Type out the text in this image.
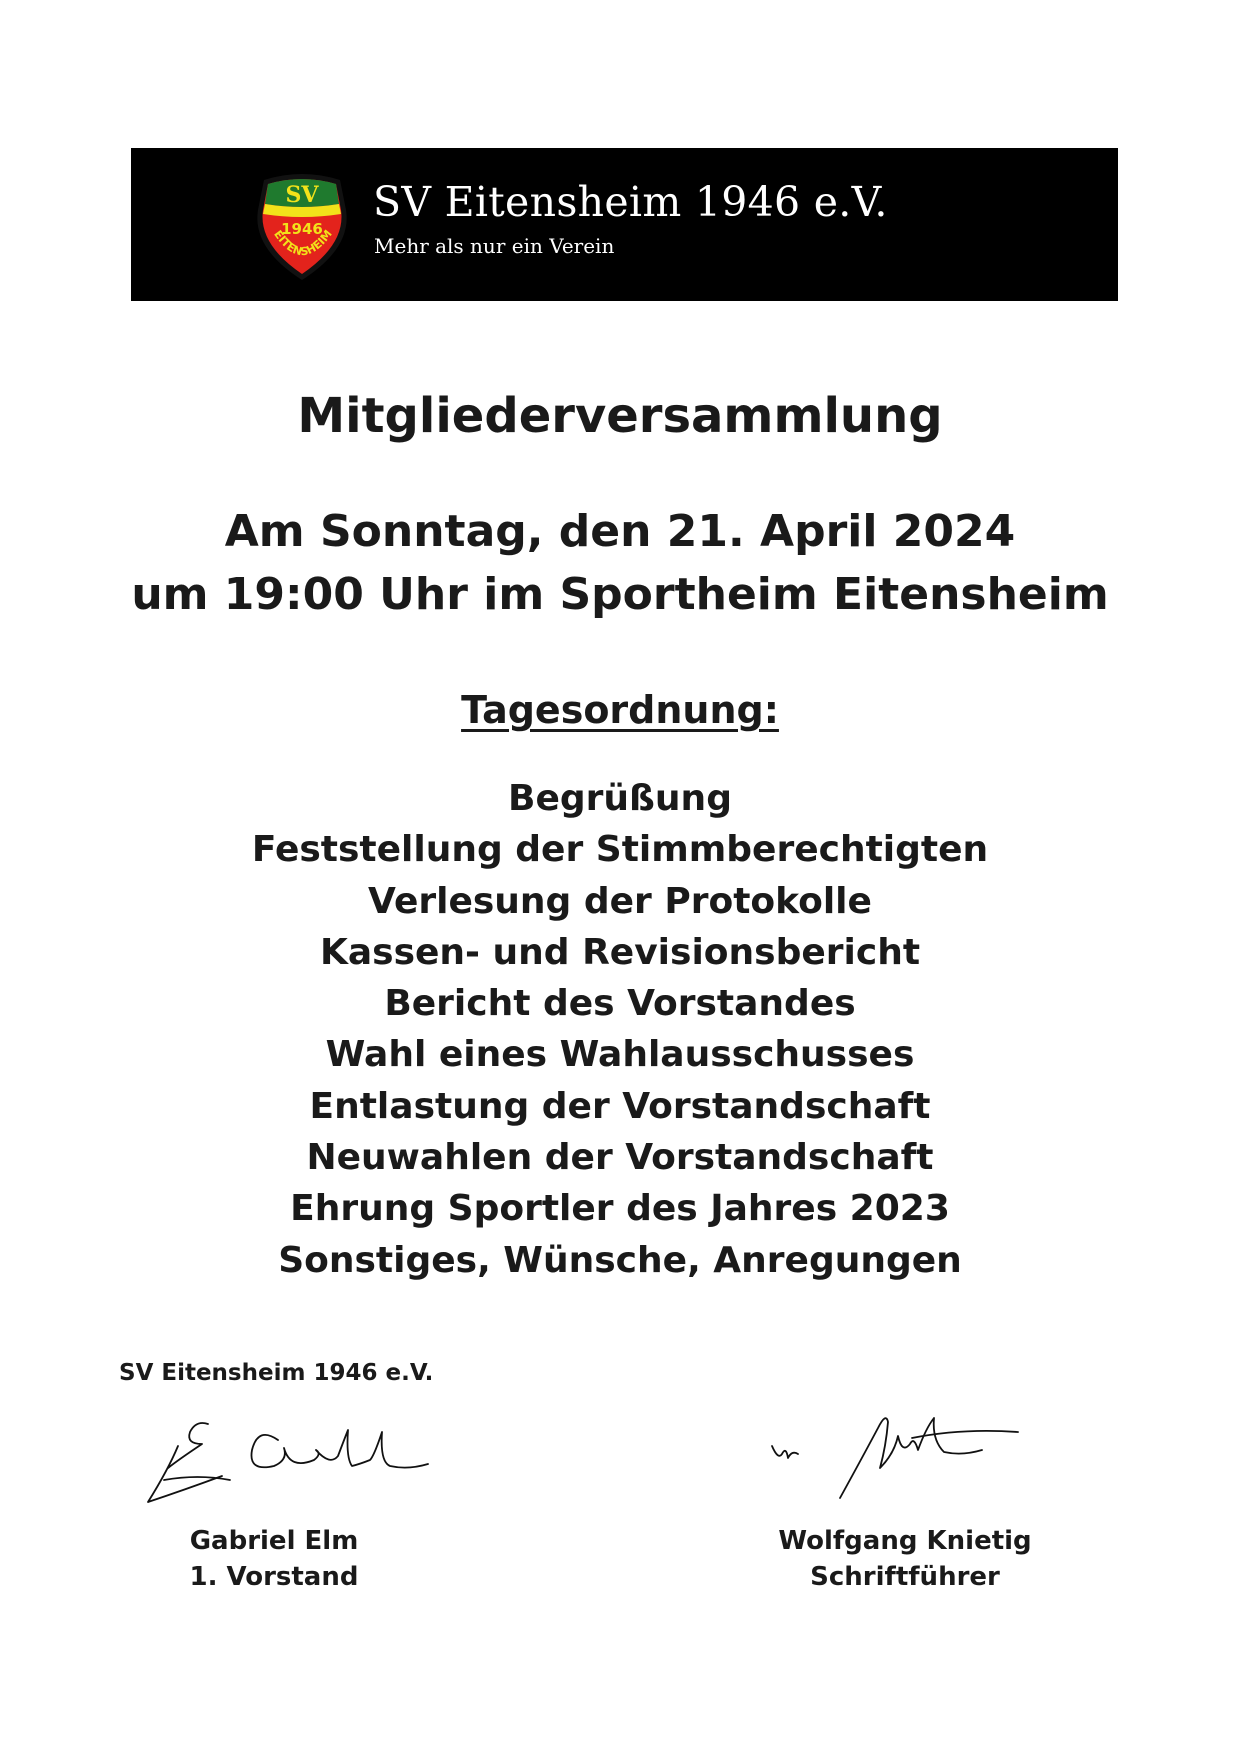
SV
1946
EITENSHEIM
SV Eitensheim 1946 e.V.
Mehr als nur ein Verein
Mitgliederversammlung
Am Sonntag, den 21. April 2024
um 19:00 Uhr im Sportheim Eitensheim
Tagesordnung:
Begrüßung
Feststellung der Stimmberechtigten
Verlesung der Protokolle
Kassen- und Revisionsbericht
Bericht des Vorstandes
Wahl eines Wahlausschusses
Entlastung der Vorstandschaft
Neuwahlen der Vorstandschaft
Ehrung Sportler des Jahres 2023
Sonstiges, Wünsche, Anregungen
SV Eitensheim 1946 e.V.
Gabriel Elm
1. Vorstand
Wolfgang Knietig
Schriftführer
